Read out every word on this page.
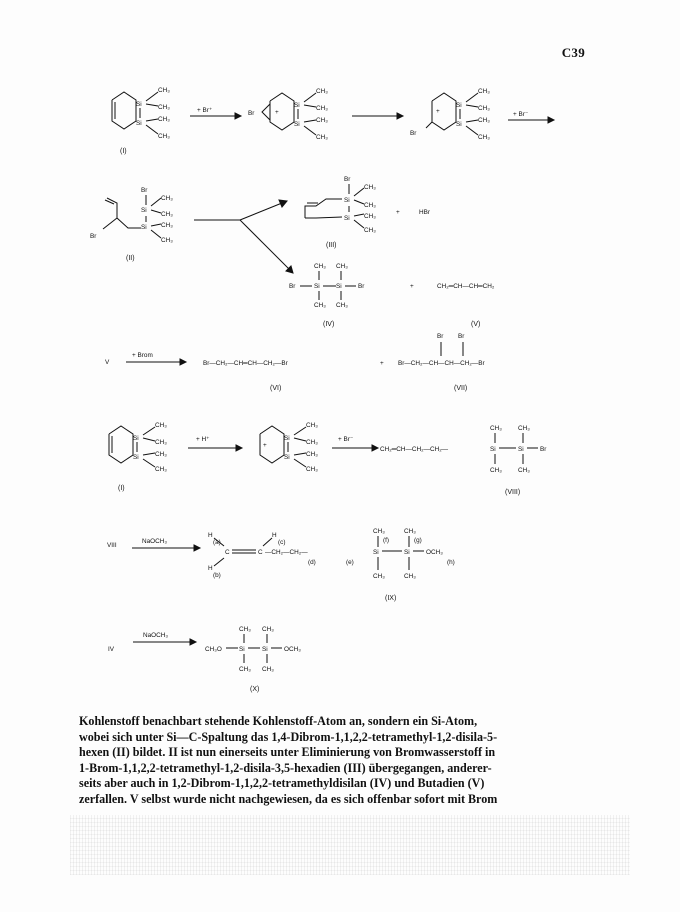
C39
Si
Si
CH₃
CH₃
CH₃
CH₃
(I)
+ Br⁺	Br	+
Si
Si
CH₃
CH₃
CH₃
CH₃
+
Si
Si
Br
CH₃
CH₃
CH₃
CH₃
+ Br⁻
Br
Si
Si
CH₃
CH₃
CH₃
CH₃
Br
(II)
Br
Si
Si
CH₃
CH₃
CH₃
CH₃
(III)
+	HBr
CH₃ CH₃
Br	Si	Si	Br
CH₃ CH₃
(IV)
+	CH₂═CH—CH═CH₂
(V)
V
+ Brom
Br—CH₂—CH═CH—CH₂—Br
(VI)
+
Br Br
Br—CH₂—CH—CH—CH₂—Br
(VII)
Si
Si
CH₃
CH₃
CH₃
CH₃
(I)
+ H⁺
+
Si
Si
CH₃
CH₃
CH₃
CH₃
+ Br⁻
CH₂═CH—CH₂—CH₂—
CH₃	CH₃
Si	Si	Br
CH₃	CH₃
(VIII)
VIII
NaOCH₃
H
(a)
H
(b)
C	C
H
(c)
—CH₂—CH₂—
(d)	(e)
CH₃	CH₃
(f)	(g)
Si	Si	OCH₃
(h)
CH₃	CH₃
(IX)
IV
NaOCH₃
CH₃ CH₃
CH₃O	Si	Si	OCH₃
CH₃ CH₃
(X)

Kohlenstoff benachbart stehende Kohlenstoff-Atom an, sondern ein Si-Atom,
wobei sich unter Si—C-Spaltung das 1,4-Dibrom-1,1,2,2-tetramethyl-1,2-disila-5-
hexen (II) bildet. II ist nun einerseits unter Eliminierung von Bromwasserstoff in
1-Brom-1,1,2,2-tetramethyl-1,2-disila-3,5-hexadien (III) übergegangen, anderer-
seits aber auch in 1,2-Dibrom-1,1,2,2-tetramethyldisilan (IV) und Butadien (V)
zerfallen. V selbst wurde nicht nachgewiesen, da es sich offenbar sofort mit Brom
